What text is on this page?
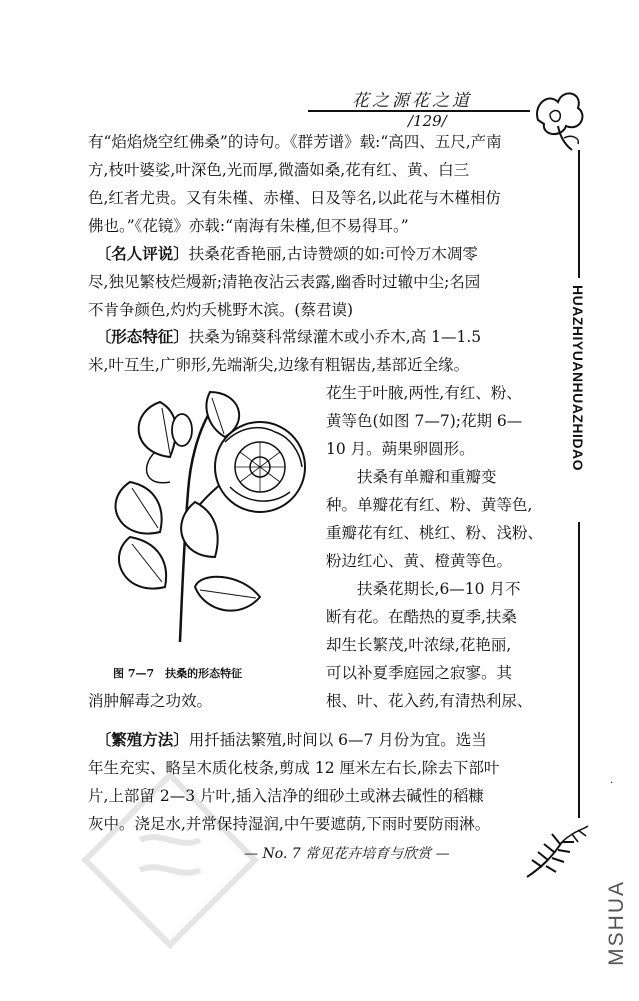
花之源花之道
/129/
HUAZHIYUANHUAZHIDAO
有“焰焰烧空红佛桑”的诗句。《群芳谱》载:“高四、五尺,产南
方,枝叶婆娑,叶深色,光而厚,微濇如桑,花有红、黄、白三
色,红者尤贵。又有朱槿、赤槿、日及等名,以此花与木槿相仿
佛也。”《花镜》亦载:“南海有朱槿,但不易得耳。”
　〔名人评说〕扶桑花香艳丽,古诗赞颂的如:可怜万木凋零
尽,独见繁枝烂熳新;清艳夜沾云表露,幽香时过辙中尘;名园
不肯争颜色,灼灼夭桃野木滨。(蔡君谟)
　〔形态特征〕扶桑为锦葵科常绿灌木或小乔木,高 1—1.5
米,叶互生,广卵形,先端渐尖,边缘有粗锯齿,基部近全缘。
花生于叶腋,两性,有红、粉、
黄等色(如图 7—7);花期 6—
10 月。蒴果卵圆形。
　　扶桑有单瓣和重瓣变
种。单瓣花有红、粉、黄等色,
重瓣花有红、桃红、粉、浅粉、
粉边红心、黄、橙黄等色。
　　扶桑花期长,6—10 月不
断有花。在酷热的夏季,扶桑
却生长繁茂,叶浓绿,花艳丽,
可以补夏季庭园之寂寥。其
根、叶、花入药,有清热利尿、
消肿解毒之功效。
　〔繁殖方法〕用扦插法繁殖,时间以 6—7 月份为宜。选当
年生充实、略呈木质化枝条,剪成 12 厘米左右长,除去下部叶
片,上部留 2—3 片叶,插入洁净的细砂土或淋去碱性的稻糠
灰中。浇足水,并常保持湿润,中午要遮荫,下雨时要防雨淋。
图 7—7　扶桑的形态特征
— No. 7 常见花卉培育与欣赏 —
MSHUA
·
